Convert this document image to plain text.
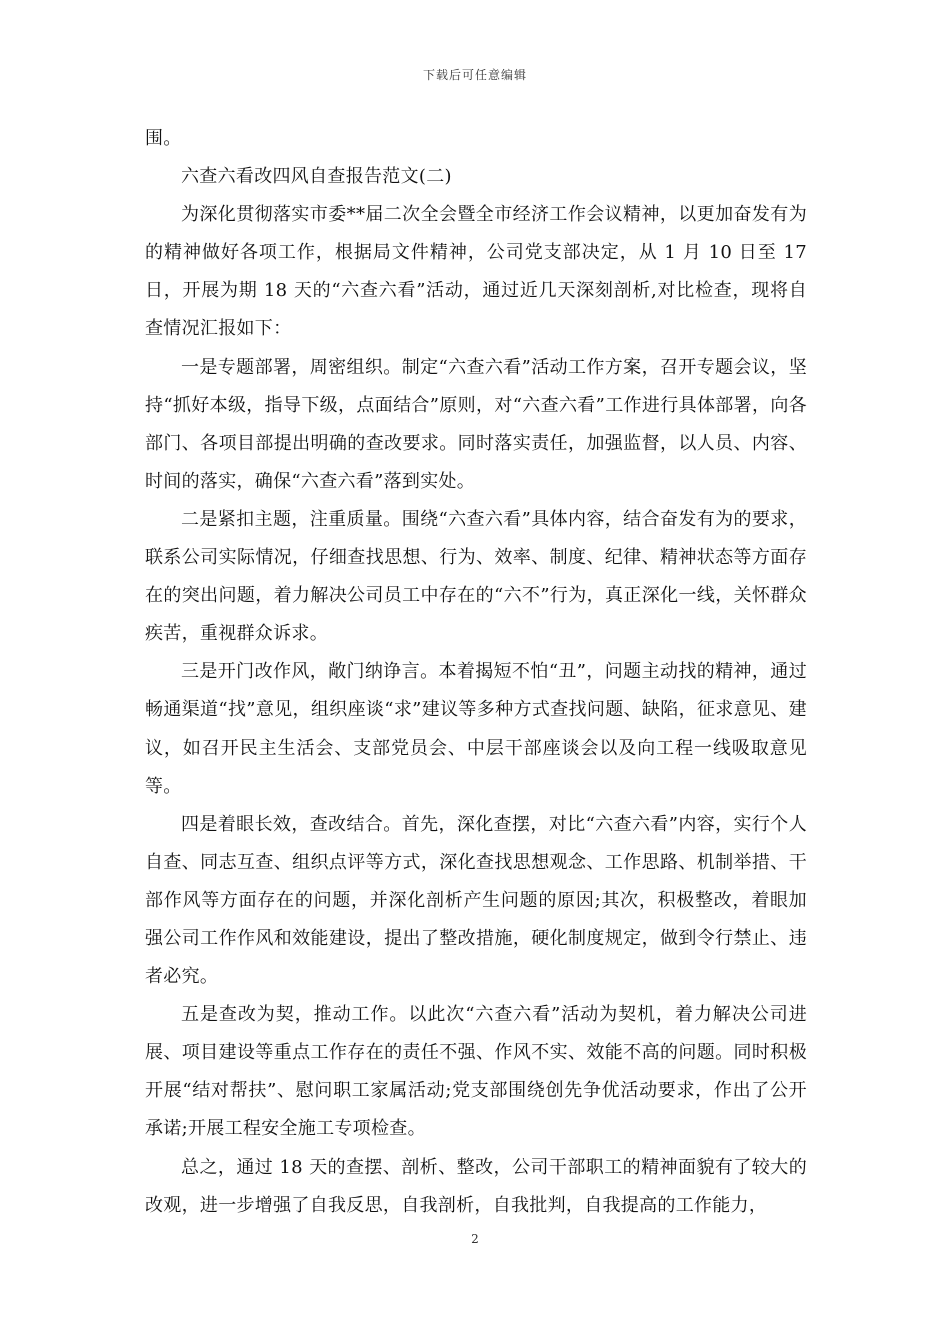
下载后可任意编辑

围。

六查六看改四风自查报告范文(二)

为深化贯彻落实市委**届二次全会暨全市经济工作会议精神，以更加奋发有为的精神做好各项工作，根据局文件精神，公司党支部决定，从 1 月 10 日至 17 日，开展为期 18 天的“六查六看”活动，通过近几天深刻剖析,对比检查，现将自查情况汇报如下：

一是专题部署，周密组织。制定“六查六看”活动工作方案，召开专题会议，坚持“抓好本级，指导下级，点面结合”原则，对“六查六看”工作进行具体部署，向各部门、各项目部提出明确的查改要求。同时落实责任，加强监督，以人员、内容、时间的落实，确保“六查六看”落到实处。

二是紧扣主题，注重质量。围绕“六查六看”具体内容，结合奋发有为的要求，联系公司实际情况，仔细查找思想、行为、效率、制度、纪律、精神状态等方面存在的突出问题，着力解决公司员工中存在的“六不”行为，真正深化一线，关怀群众疾苦，重视群众诉求。

三是开门改作风，敞门纳诤言。本着揭短不怕“丑”，问题主动找的精神，通过畅通渠道“找”意见，组织座谈“求”建议等多种方式查找问题、缺陷，征求意见、建议，如召开民主生活会、支部党员会、中层干部座谈会以及向工程一线吸取意见等。

四是着眼长效，查改结合。首先，深化查摆，对比“六查六看”内容，实行个人自查、同志互查、组织点评等方式，深化查找思想观念、工作思路、机制举措、干部作风等方面存在的问题，并深化剖析产生问题的原因;其次，积极整改，着眼加强公司工作作风和效能建设，提出了整改措施，硬化制度规定，做到令行禁止、违者必究。

五是查改为契，推动工作。以此次“六查六看”活动为契机，着力解决公司进展、项目建设等重点工作存在的责任不强、作风不实、效能不高的问题。同时积极开展“结对帮扶”、慰问职工家属活动;党支部围绕创先争优活动要求，作出了公开承诺;开展工程安全施工专项检查。

总之，通过 18 天的查摆、剖析、整改，公司干部职工的精神面貌有了较大的改观，进一步增强了自我反思，自我剖析，自我批判，自我提高的工作能力，

2
